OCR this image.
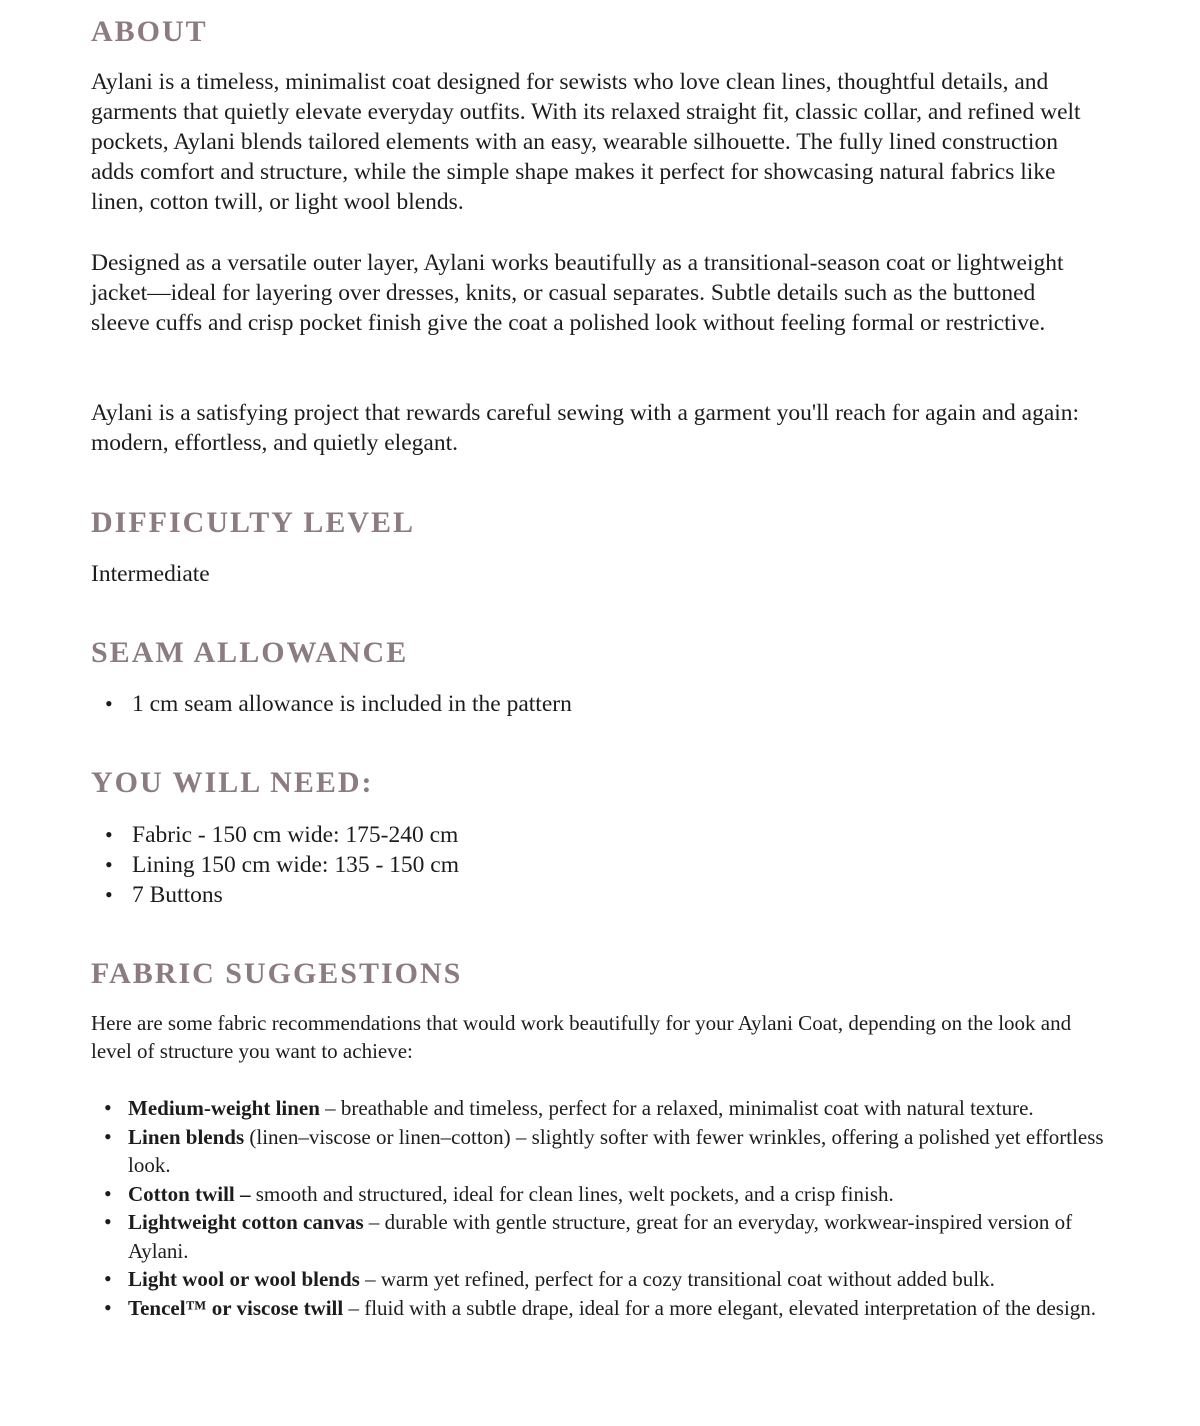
ABOUT

Aylani is a timeless, minimalist coat designed for sewists who love clean lines, thoughtful details, and garments that quietly elevate everyday outfits. With its relaxed straight fit, classic collar, and refined welt pockets, Aylani blends tailored elements with an easy, wearable silhouette. The fully lined construction adds comfort and structure, while the simple shape makes it perfect for showcasing natural fabrics like linen, cotton twill, or light wool blends.

Designed as a versatile outer layer, Aylani works beautifully as a transitional-season coat or lightweight jacket—ideal for layering over dresses, knits, or casual separates. Subtle details such as the buttoned sleeve cuffs and crisp pocket finish give the coat a polished look without feeling formal or restrictive.

Aylani is a satisfying project that rewards careful sewing with a garment you'll reach for again and again: modern, effortless, and quietly elegant.

DIFFICULTY LEVEL

Intermediate

SEAM ALLOWANCE
• 1 cm seam allowance is included in the pattern
YOU WILL NEED:
• Fabric - 150 cm wide: 175-240 cm
• Lining 150 cm wide: 135 - 150 cm
• 7 Buttons
FABRIC SUGGESTIONS

Here are some fabric recommendations that would work beautifully for your Aylani Coat, depending on the look and level of structure you want to achieve:

• Medium-weight linen – breathable and timeless, perfect for a relaxed, minimalist coat with natural texture.
• Linen blends (linen–viscose or linen–cotton) – slightly softer with fewer wrinkles, offering a polished yet effortless look.
• Cotton twill – smooth and structured, ideal for clean lines, welt pockets, and a crisp finish.
• Lightweight cotton canvas – durable with gentle structure, great for an everyday, workwear-inspired version of Aylani.
• Light wool or wool blends – warm yet refined, perfect for a cozy transitional coat without added bulk.
• Tencel™ or viscose twill – fluid with a subtle drape, ideal for a more elegant, elevated interpretation of the design.
